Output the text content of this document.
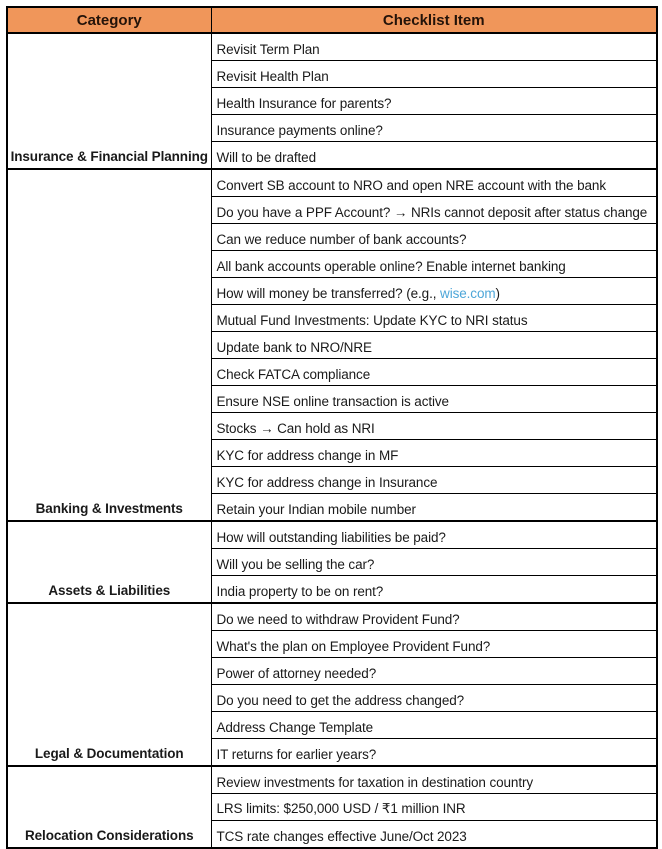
Category	Checklist Item
Insurance & Financial Planning	Revisit Term Plan
	Revisit Health Plan
	Health Insurance for parents?
	Insurance payments online?
	Will to be drafted
Banking & Investments	Convert SB account to NRO and open NRE account with the bank
	Do you have a PPF Account? → NRIs cannot deposit after status change
	Can we reduce number of bank accounts?
	All bank accounts operable online? Enable internet banking
	How will money be transferred? (e.g., wise.com)
	Mutual Fund Investments: Update KYC to NRI status
	Update bank to NRO/NRE
	Check FATCA compliance
	Ensure NSE online transaction is active
	Stocks → Can hold as NRI
	KYC for address change in MF
	KYC for address change in Insurance
	Retain your Indian mobile number
Assets & Liabilities	How will outstanding liabilities be paid?
	Will you be selling the car?
	India property to be on rent?
Legal & Documentation	Do we need to withdraw Provident Fund?
	What's the plan on Employee Provident Fund?
	Power of attorney needed?
	Do you need to get the address changed?
	Address Change Template
	IT returns for earlier years?
Relocation Considerations	Review investments for taxation in destination country
	LRS limits: $250,000 USD / ₹1 million INR
	TCS rate changes effective June/Oct 2023
